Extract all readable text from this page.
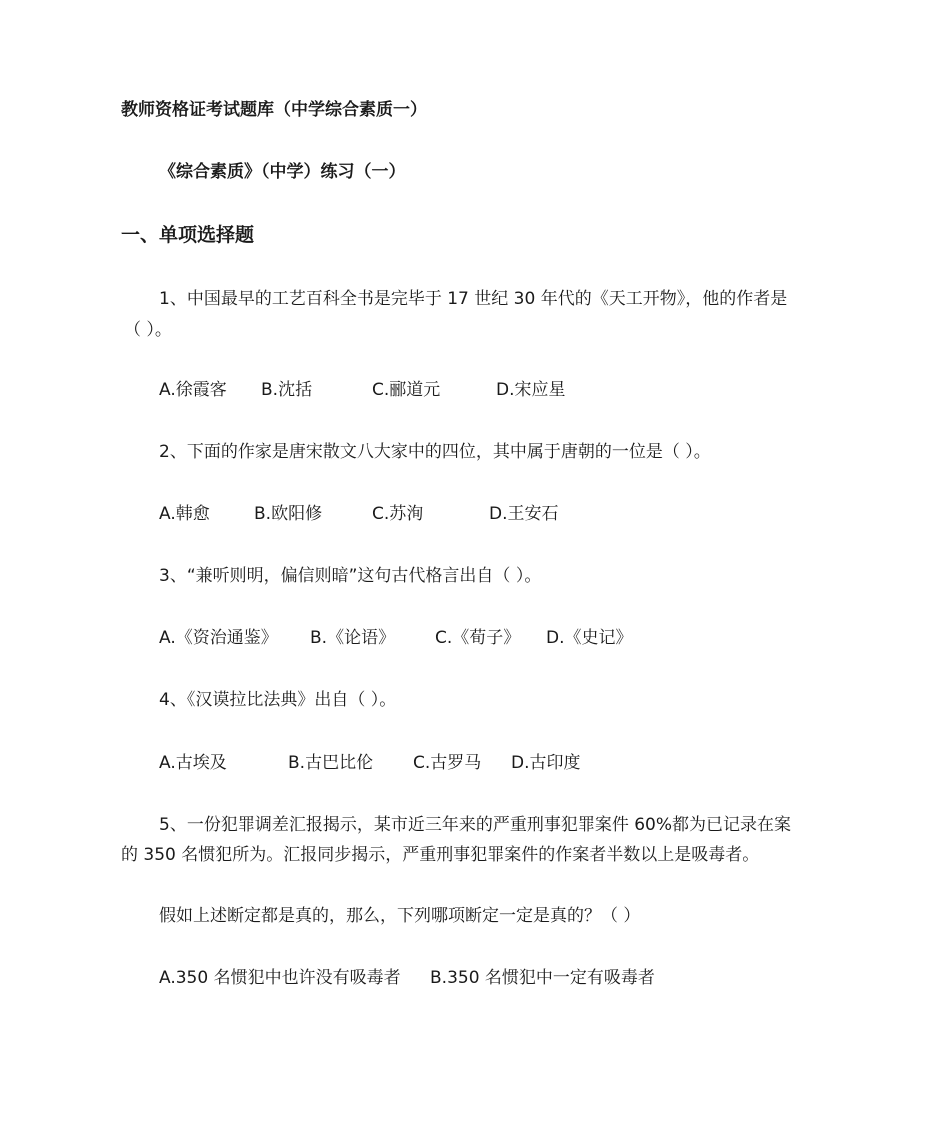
教师资格证考试题库（中学综合素质一）
《综合素质》（中学）练习（一）
一、单项选择题
1、中国最早的工艺百科全书是完毕于 17 世纪 30 年代的《天工开物》，他的作者是
（ ）。
A.徐霞客 B.沈括	C.郦道元	D.宋应星
2、下面的作家是唐宋散文八大家中的四位，其中属于唐朝的一位是（ ）。
A.韩愈	B.欧阳修	C.苏洵	D.王安石
3、“兼听则明，偏信则暗”这句古代格言出自（ ）。
A.《资治通鉴》 B.《论语》 C.《荀子》 D.《史记》
4、《汉谟拉比法典》出自（ ）。
A.古埃及	B.古巴比伦 C.古罗马 D.古印度
5、一份犯罪调差汇报揭示，某市近三年来的严重刑事犯罪案件 60%都为已记录在案
的 350 名惯犯所为。汇报同步揭示，严重刑事犯罪案件的作案者半数以上是吸毒者。
假如上述断定都是真的，那么，下列哪项断定一定是真的？（ ）
A.350 名惯犯中也许没有吸毒者 B.350 名惯犯中一定有吸毒者
